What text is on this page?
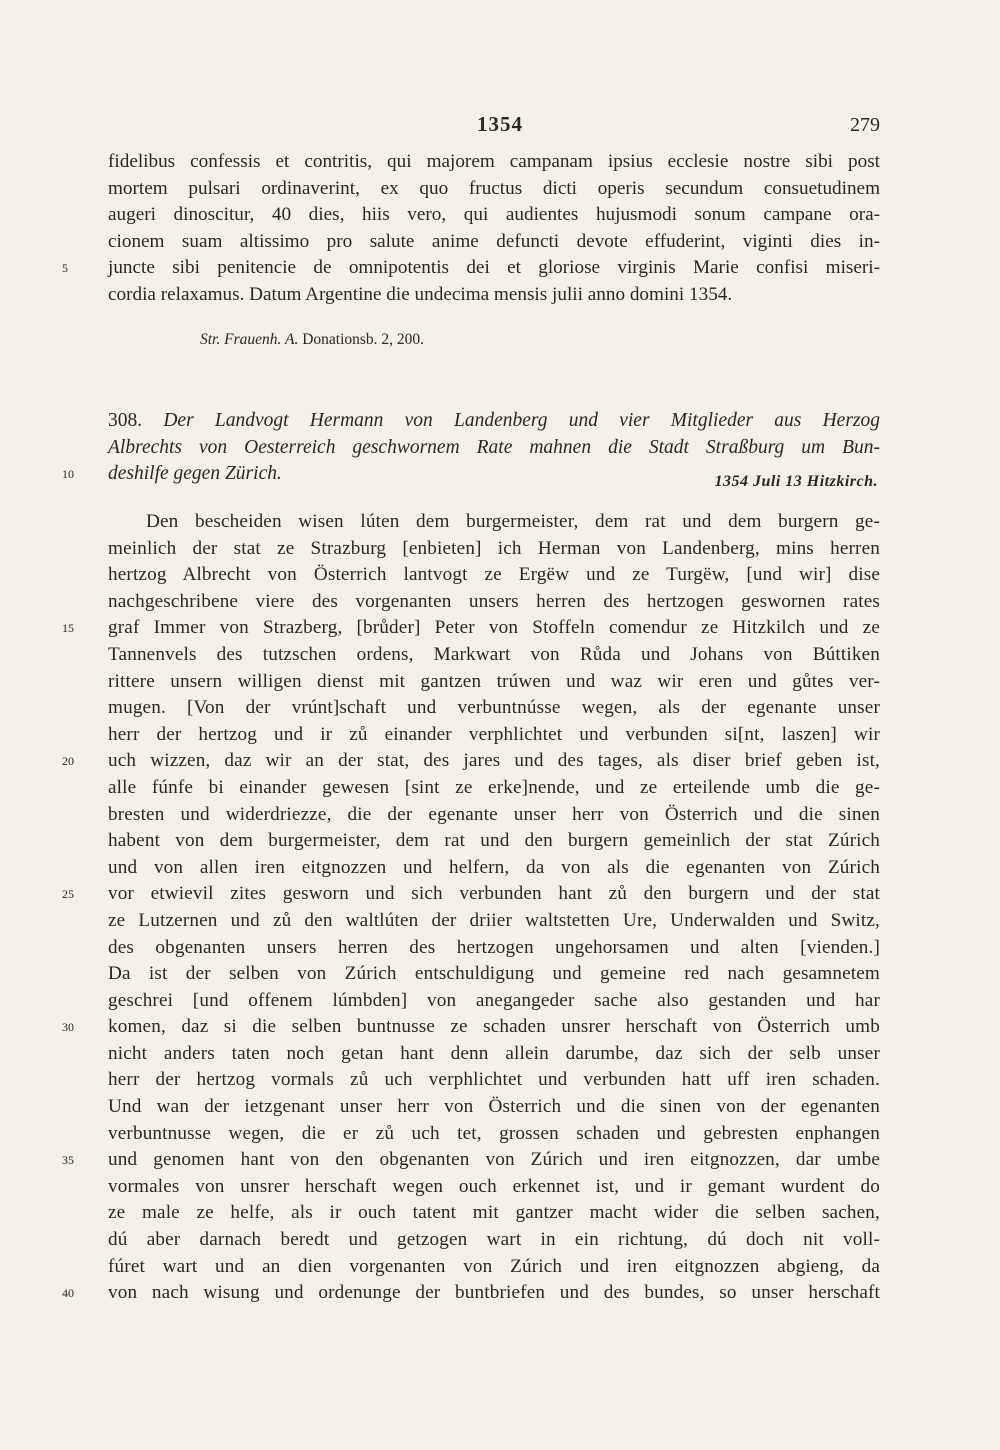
1354	279
fidelibus confessis et contritis, qui majorem campanam ipsius ecclesie nostre sibi post
mortem pulsari ordinaverint, ex quo fructus dicti operis secundum consuetudinem
augeri dinoscitur, 40 dies, hiis vero, qui audientes hujusmodi sonum campane ora-
cionem suam altissimo pro salute anime defuncti devote effuderint, viginti dies in-
5	juncte sibi penitencie de omnipotentis dei et gloriose virginis Marie confisi miseri-
cordia relaxamus. Datum Argentine die undecima mensis julii anno domini 1354.
Str. Frauenh. A. Donationsb. 2, 200.
308. Der Landvogt Hermann von Landenberg und vier Mitglieder aus Herzog
Albrechts von Oesterreich geschwornem Rate mahnen die Stadt Straßburg um Bun-
10	deshilfe gegen Zürich.	1354 Juli 13 Hitzkirch.
Den bescheiden wisen lúten dem burgermeister, dem rat und dem burgern ge-
meinlich der stat ze Strazburg [enbieten] ich Herman von Landenberg, mins herren
hertzog Albrecht von Österrich lantvogt ze Ergëw und ze Turgëw, [und wir] dise
nachgeschribene viere des vorgenanten unsers herren des hertzogen geswornen rates
15	graf Immer von Strazberg, [brůder] Peter von Stoffeln comendur ze Hitzkilch und ze
Tannenvels des tutzschen ordens, Markwart von Růda und Johans von Búttiken
rittere unsern willigen dienst mit gantzen trúwen und waz wir eren und gůtes ver-
mugen. [Von der vrúnt]schaft und verbuntnússe wegen, als der egenante unser
herr der hertzog und ir zů einander verphlichtet und verbunden si[nt, laszen] wir
20	uch wizzen, daz wir an der stat, des jares und des tages, als diser brief geben ist,
alle fúnfe bi einander gewesen [sint ze erke]nende, und ze erteilende umb die ge-
bresten und widerdriezze, die der egenante unser herr von Österrich und die sinen
habent von dem burgermeister, dem rat und den burgern gemeinlich der stat Zúrich
und von allen iren eitgnozzen und helfern, da von als die egenanten von Zúrich
25	vor etwievil zites gesworn und sich verbunden hant zů den burgern und der stat
ze Lutzernen und zů den waltlúten der driier waltstetten Ure, Underwalden und Switz,
des obgenanten unsers herren des hertzogen ungehorsamen und alten [vienden.]
Da ist der selben von Zúrich entschuldigung und gemeine red nach gesamnetem
geschrei [und offenem lúmbden] von anegangeder sache also gestanden und har
30	komen, daz si die selben buntnusse ze schaden unsrer herschaft von Österrich umb
nicht anders taten noch getan hant denn allein darumbe, daz sich der selb unser
herr der hertzog vormals zů uch verphlichtet und verbunden hatt uff iren schaden.
Und wan der ietzgenant unser herr von Österrich und die sinen von der egenanten
verbuntnusse wegen, die er zů uch tet, grossen schaden und gebresten enphangen
35	und genomen hant von den obgenanten von Zúrich und iren eitgnozzen, dar umbe
vormales von unsrer herschaft wegen ouch erkennet ist, und ir gemant wurdent do
ze male ze helfe, als ir ouch tatent mit gantzer macht wider die selben sachen,
dú aber darnach beredt und getzogen wart in ein richtung, dú doch nit voll-
fúret wart und an dien vorgenanten von Zúrich und iren eitgnozzen abgieng, da
40	von nach wisung und ordenunge der buntbriefen und des bundes, so unser herschaft
